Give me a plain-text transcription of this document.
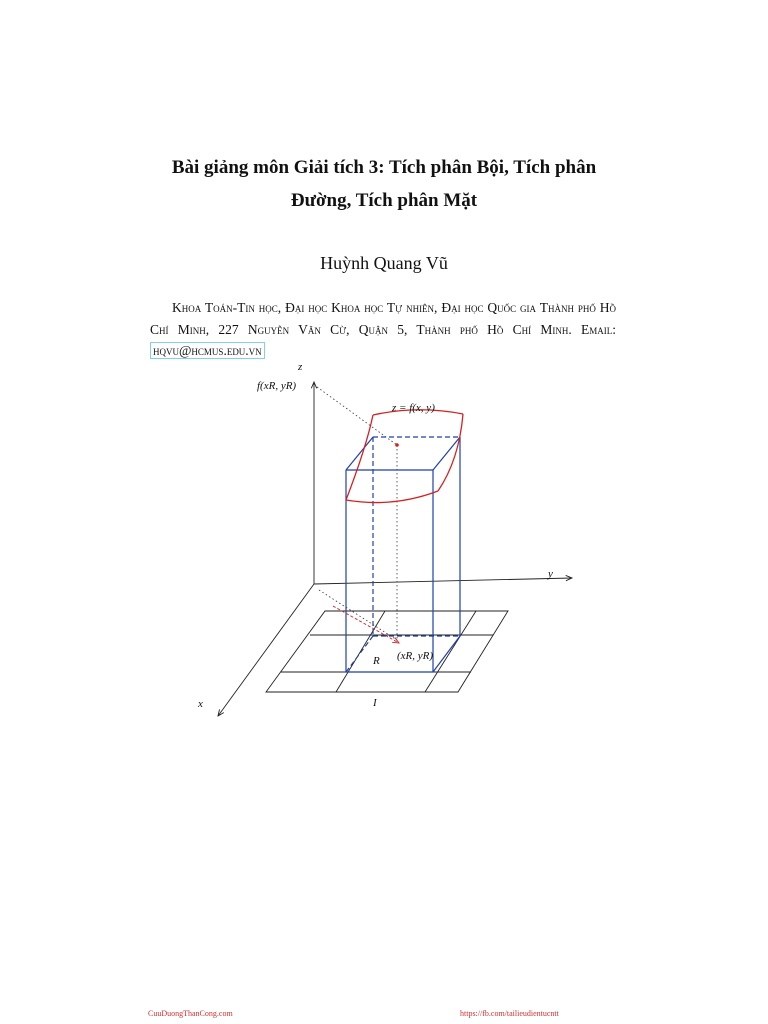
Bài giảng môn Giải tích 3: Tích phân Bội, Tích phân
Đường, Tích phân Mặt
Huỳnh Quang Vũ
Khoa Toán-Tin học, Đại học Khoa học Tự nhiên, Đại học Quốc gia Thành phố Hồ Chí Minh, 227 Nguyễn Văn Cừ, Quận 5, Thành phố Hồ Chí Minh. Email: hqvu@hcmus.edu.vn
z
y
x
f(xR, yR)
z = f(x, y)
(xR, yR)
R
I
CuuDuongThanCong.com	https://fb.com/tailieudientucntt
